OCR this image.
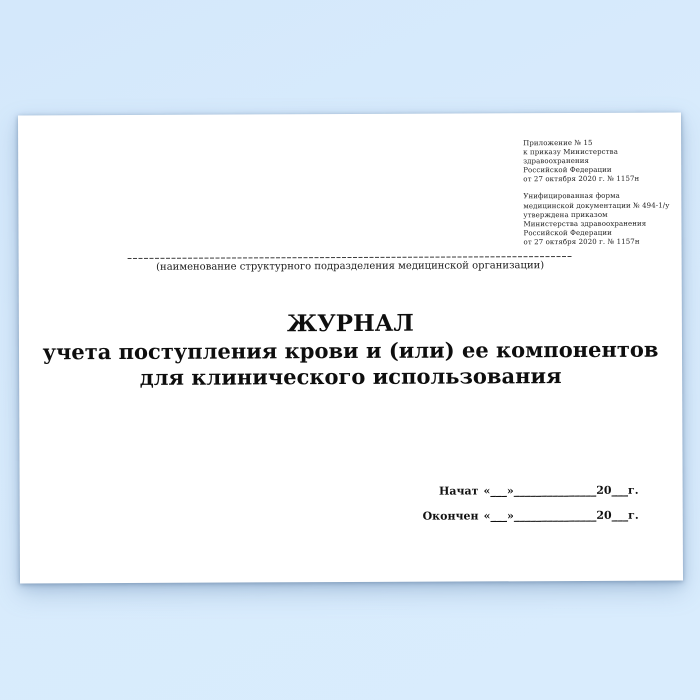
Приложение № 15
к приказу Министерства здравоохранения
Российской Федерации
от 27 октября 2020 г. № 1157н
Унифицированная форма
медицинской документации № 494-1/у
утверждена приказом
Министерства здравоохранения
Российской Федерации
от 27 октября 2020 г. № 1157н
(наименование структурного подразделения медицинской организации)
ЖУРНАЛ
учета поступления крови и (или) ее компонентов
для клинического использования
Начат «___»_______________20___г.
Окончен «___»_______________20___г.
